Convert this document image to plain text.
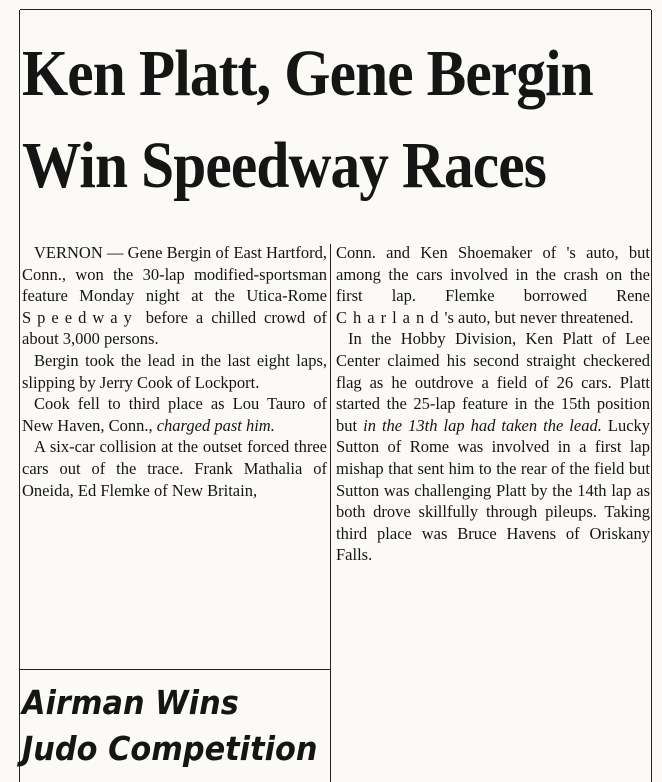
Ken Platt, Gene Bergin
Win Speedway Races

VERNON — Gene Bergin of East Hartford, Conn., won the 30-lap modified-sportsman feature Monday night at the Utica-Rome Speedway before a chilled crowd of about 3,000 persons.

Bergin took the lead in the last eight laps, slipping by Jerry Cook of Lockport.

Cook fell to third place as Lou Tauro of New Haven, Conn., charged past him.

A six-car collision at the outset forced three cars out of the trace. Frank Mathalia of Oneida, Ed Flemke of New Britain,

Conn. and Ken Shoemaker of 's auto, but among the cars involved in the crash on the first lap. Flemke borrowed Rene Charland's auto, but never threatened.

In the Hobby Division, Ken Platt of Lee Center claimed his second straight checkered flag as he outdrove a field of 26 cars. Platt started the 25-lap feature in the 15th position but in the 13th lap had taken the lead. Lucky Sutton of Rome was involved in a first lap mishap that sent him to the rear of the field but Sutton was challenging Platt by the 14th lap as both drove skillfully through pileups. Taking third place was Bruce Havens of Oriskany Falls.

Airman Wins
Judo Competition
